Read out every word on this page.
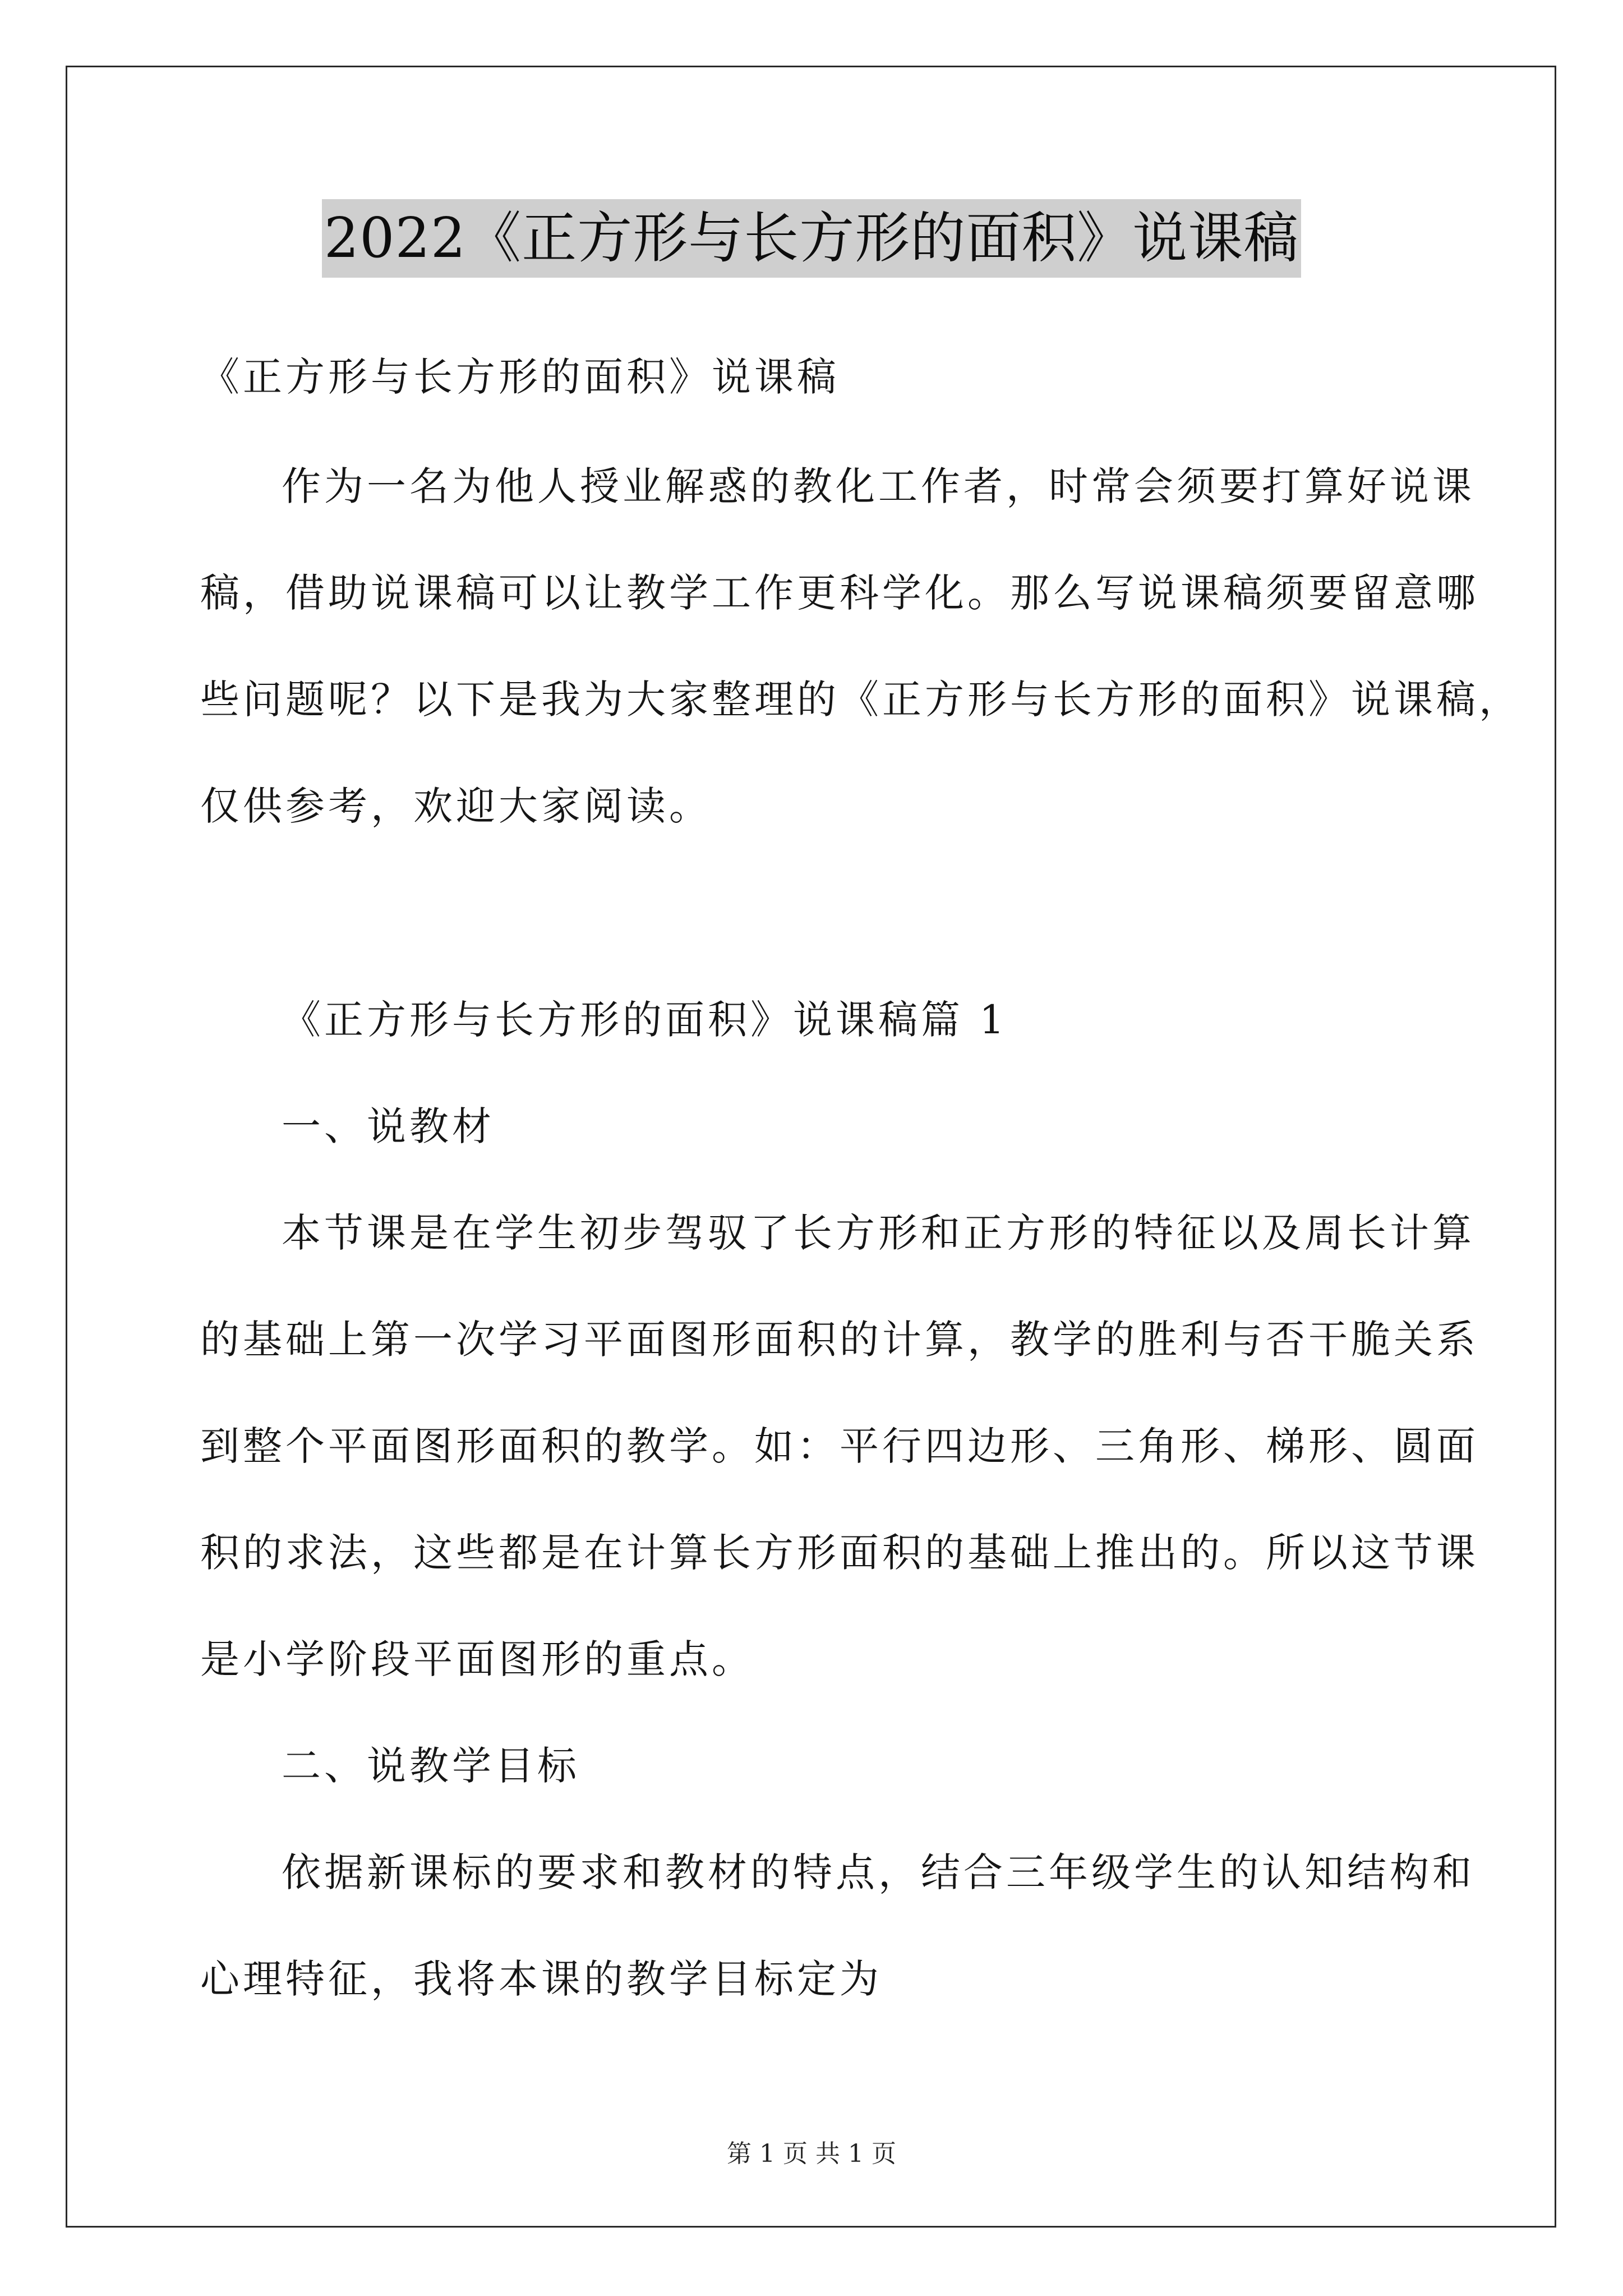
2022《正方形与长方形的面积》说课稿
《正方形与长方形的面积》说课稿
作为一名为他人授业解惑的教化工作者，时常会须要打算好说课
稿，借助说课稿可以让教学工作更科学化。那么写说课稿须要留意哪
些问题呢？以下是我为大家整理的《正方形与长方形的面积》说课稿，
仅供参考，欢迎大家阅读。
《正方形与长方形的面积》说课稿篇 1
一、说教材
本节课是在学生初步驾驭了长方形和正方形的特征以及周长计算
的基础上第一次学习平面图形面积的计算，教学的胜利与否干脆关系
到整个平面图形面积的教学。如：平行四边形、三角形、梯形、圆面
积的求法，这些都是在计算长方形面积的基础上推出的。所以这节课
是小学阶段平面图形的重点。
二、说教学目标
依据新课标的要求和教材的特点，结合三年级学生的认知结构和
心理特征，我将本课的教学目标定为
第 1 页 共 1 页
